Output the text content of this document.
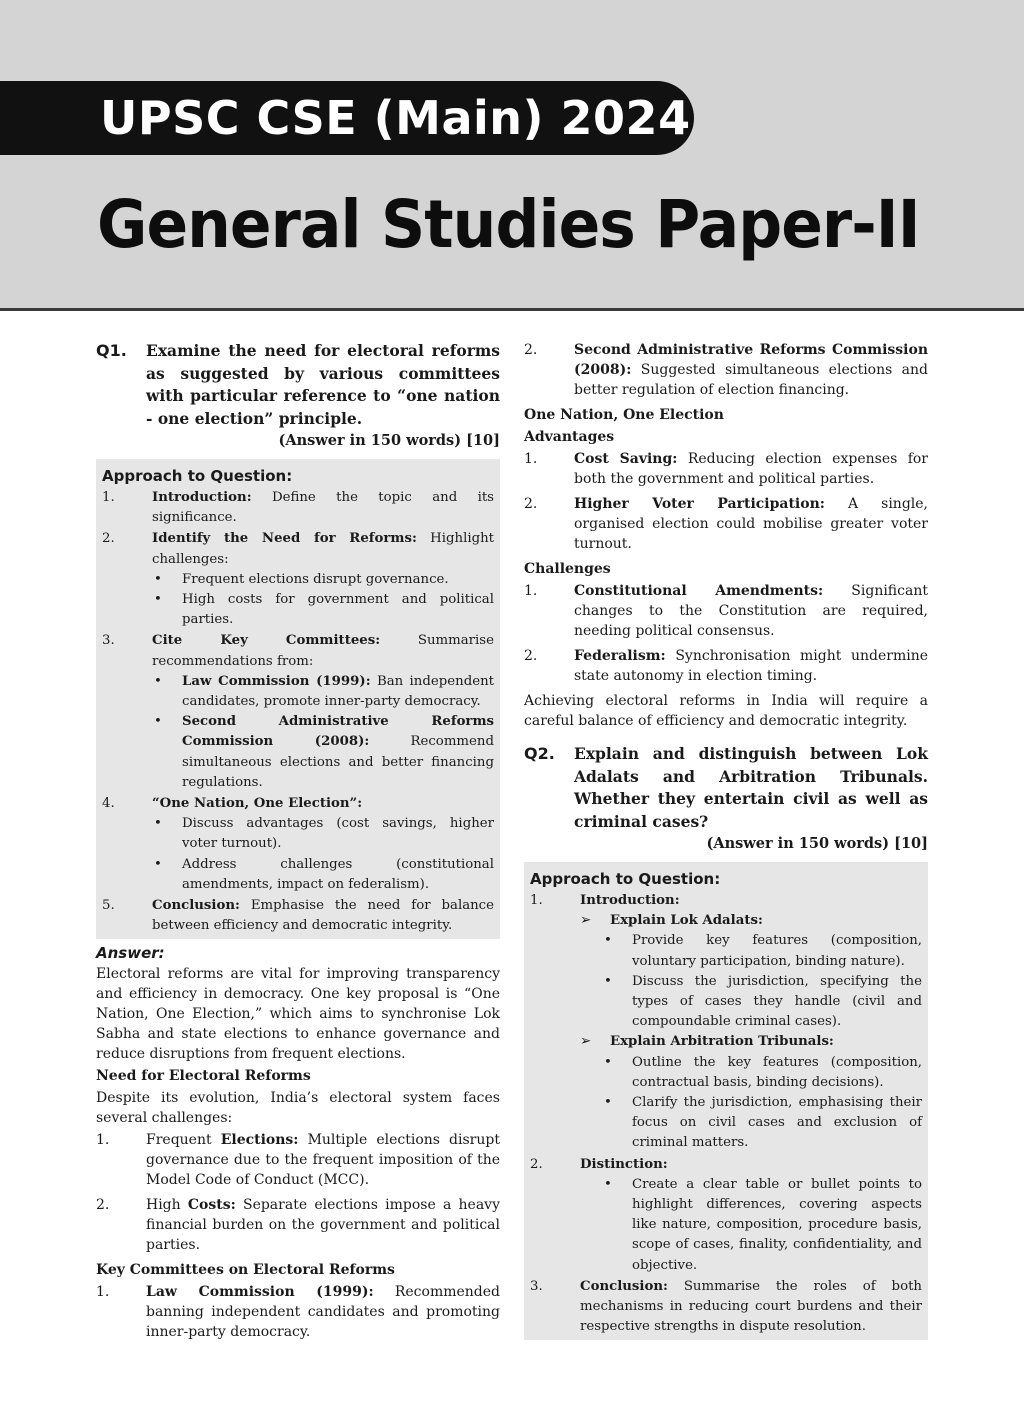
UPSC CSE (Main) 2024
General Studies Paper-II
Q1.	Examine the need for electoral reforms as suggested by various committees with particular reference to “one nation - one election” principle.
(Answer in 150 words) [10]
Approach to Question:
1.	Introduction: Define the topic and its significance.
2.	Identify the Need for Reforms: Highlight challenges:
•	Frequent elections disrupt governance.
•	High costs for government and political parties.
3.	Cite Key Committees: Summarise recommendations from:
•	Law Commission (1999): Ban independent candidates, promote inner-party democracy.
•	Second Administrative Reforms Commission (2008): Recommend simultaneous elections and better financing regulations.
4.	“One Nation, One Election”:
•	Discuss advantages (cost savings, higher voter turnout).
•	Address challenges (constitutional amendments, impact on federalism).
5.	Conclusion: Emphasise the need for balance between efficiency and democratic integrity.
Answer:
Electoral reforms are vital for improving transparency and efficiency in democracy. One key proposal is “One Nation, One Election,” which aims to synchronise Lok Sabha and state elections to enhance governance and reduce disruptions from frequent elections.
Need for Electoral Reforms
Despite its evolution, India’s electoral system faces several challenges:
1.	Frequent Elections: Multiple elections disrupt governance due to the frequent imposition of the Model Code of Conduct (MCC).
2.	High Costs: Separate elections impose a heavy financial burden on the government and political parties.
Key Committees on Electoral Reforms
1.	Law Commission (1999): Recommended banning independent candidates and promoting inner-party democracy.
2.	Second Administrative Reforms Commission (2008): Suggested simultaneous elections and better regulation of election financing.
One Nation, One Election
Advantages
1.	Cost Saving: Reducing election expenses for both the government and political parties.
2.	Higher Voter Participation: A single, organised election could mobilise greater voter turnout.
Challenges
1.	Constitutional Amendments: Significant changes to the Constitution are required, needing political consensus.
2.	Federalism: Synchronisation might undermine state autonomy in election timing.
Achieving electoral reforms in India will require a careful balance of efficiency and democratic integrity.
Q2.	Explain and distinguish between Lok Adalats and Arbitration Tribunals. Whether they entertain civil as well as criminal cases?
(Answer in 150 words) [10]
Approach to Question:
1.	Introduction:
➢	Explain Lok Adalats:
•	Provide key features (composition, voluntary participation, binding nature).
•	Discuss the jurisdiction, specifying the types of cases they handle (civil and compoundable criminal cases).
➢	Explain Arbitration Tribunals:
•	Outline the key features (composition, contractual basis, binding decisions).
•	Clarify the jurisdiction, emphasising their focus on civil cases and exclusion of criminal matters.
2.	Distinction:
•	Create a clear table or bullet points to highlight differences, covering aspects like nature, composition, procedure basis, scope of cases, finality, confidentiality, and objective.
3.	Conclusion: Summarise the roles of both mechanisms in reducing court burdens and their respective strengths in dispute resolution.
